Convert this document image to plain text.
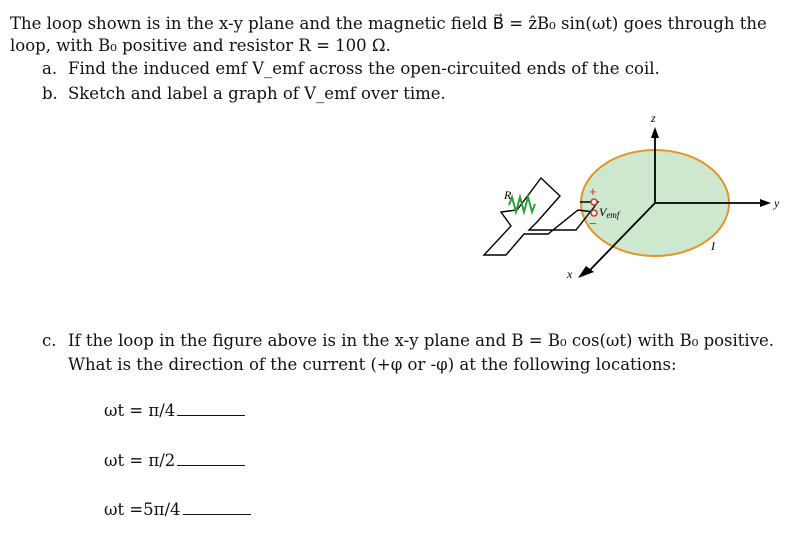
The loop shown is in the x-y plane and the magnetic field B⃗ = ẑB₀ sin(ωt) goes through the
loop, with B₀ positive and resistor R = 100 Ω.
a. Find the induced emf V_emf across the open-circuited ends of the coil.
b. Sketch and label a graph of V_emf over time.
z
y
x
R
Vemf
+
−
I
c. If the loop in the figure above is in the x-y plane and B = B₀ cos(ωt) with B₀ positive.
What is the direction of the current (+φ or -φ) at the following locations:
ωt = π/4
ωt = π/2
ωt =5π/4
